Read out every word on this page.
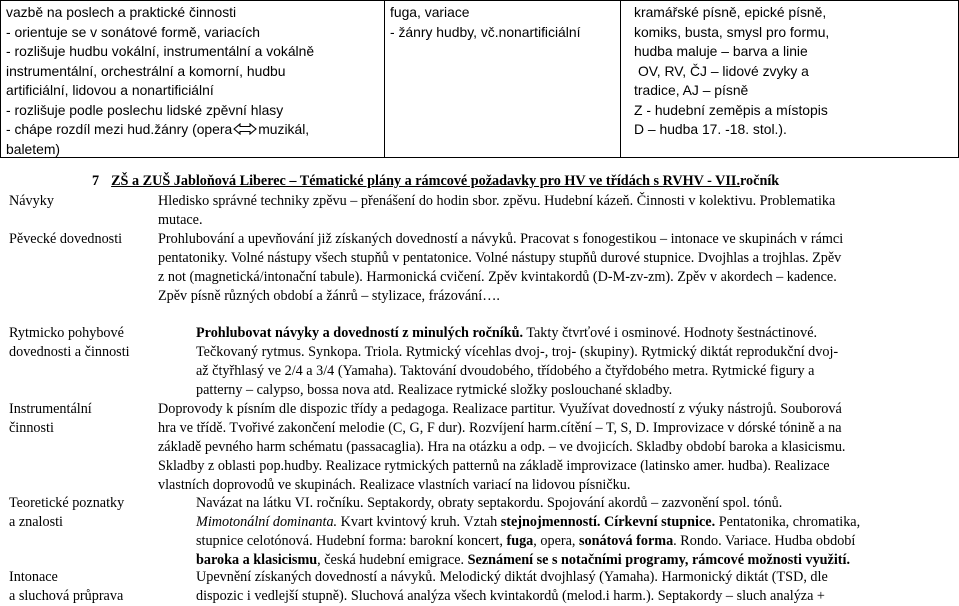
vazbě na poslech a praktické činnosti
- orientuje se v sonátové formě, variacích
- rozlišuje hudbu vokální, instrumentální a vokálně
instrumentální, orchestrální a komorní, hudbu
artificiální, lidovou a nonartificiální
- rozlišuje podle poslechu lidské zpěvní hlasy
- chápe rozdíl mezi hud.žánry (opera muzikál,
baletem)
fuga, variace
- žánry hudby, vč.nonartificiální
kramářské písně, epické písně,
komiks, busta, smysl pro formu,
hudba maluje – barva a linie
OV, RV, ČJ – lidové zvyky a
tradice, AJ – písně
Z - hudební zeměpis a místopis
D – hudba 17. -18. stol.).
7 ZŠ a ZUŠ Jabloňová Liberec – Tématické plány a rámcové požadavky pro HV ve třídách s RVHV - VII.ročník
Návyky	Hledisko správné techniky zpěvu – přenášení do hodin sbor. zpěvu. Hudební kázeň. Činnosti v kolektivu. Problematika
mutace.
Pěvecké dovednosti	Prohlubování a upevňování již získaných dovedností a návyků. Pracovat s fonogestikou – intonace ve skupinách v rámci
pentatoniky. Volné nástupy všech stupňů v pentatonice. Volné nástupy stupňů durové stupnice. Dvojhlas a trojhlas. Zpěv
z not (magnetická/intonační tabule). Harmonická cvičení. Zpěv kvintakordů (D-M-zv-zm). Zpěv v akordech – kadence.
Zpěv písně různých období a žánrů – stylizace, frázování….
Rytmicko pohybové
dovednosti a činnosti
Prohlubovat návyky a dovedností z minulých ročníků. Takty čtvrťové i osminové. Hodnoty šestnáctinové.
Tečkovaný rytmus. Synkopa. Triola. Rytmický vícehlas dvoj-, troj- (skupiny). Rytmický diktát reprodukční dvoj-
až čtyřhlasý ve 2/4 a 3/4 (Yamaha). Taktování dvoudobého, třídobého a čtyřdobého metra. Rytmické figury a
patterny – calypso, bossa nova atd. Realizace rytmické složky poslouchané skladby.
Instrumentální
činnosti
Doprovody k písním dle dispozic třídy a pedagoga. Realizace partitur. Využívat dovedností z výuky nástrojů. Souborová
hra ve třídě. Tvořivé zakončení melodie (C, G, F dur). Rozvíjení harm.cítění – T, S, D. Improvizace v dórské tónině a na
základě pevného harm schématu (passacaglia). Hra na otázku a odp. – ve dvojicích. Skladby období baroka a klasicismu.
Skladby z oblasti pop.hudby. Realizace rytmických patternů na základě improvizace (latinsko amer. hudba). Realizace
vlastních doprovodů ve skupinách. Realizace vlastních variací na lidovou písničku.
Teoretické poznatky
a znalosti
Navázat na látku VI. ročníku. Septakordy, obraty septakordu. Spojování akordů – zazvonění spol. tónů.
Mimotonální dominanta. Kvart kvintový kruh. Vztah stejnojmenností. Církevní stupnice. Pentatonika, chromatika,
stupnice celotónová. Hudební forma: barokní koncert, fuga, opera, sonátová forma. Rondo. Variace. Hudba období
baroka a klasicismu, česká hudební emigrace. Seznámení se s notačními programy, rámcové možnosti využití.
Intonace
a sluchová průprava
Upevnění získaných dovedností a návyků. Melodický diktát dvojhlasý (Yamaha). Harmonický diktát (TSD, dle
dispozic i vedlejší stupně). Sluchová analýza všech kvintakordů (melod.i harm.). Septakordy – sluch analýza +
